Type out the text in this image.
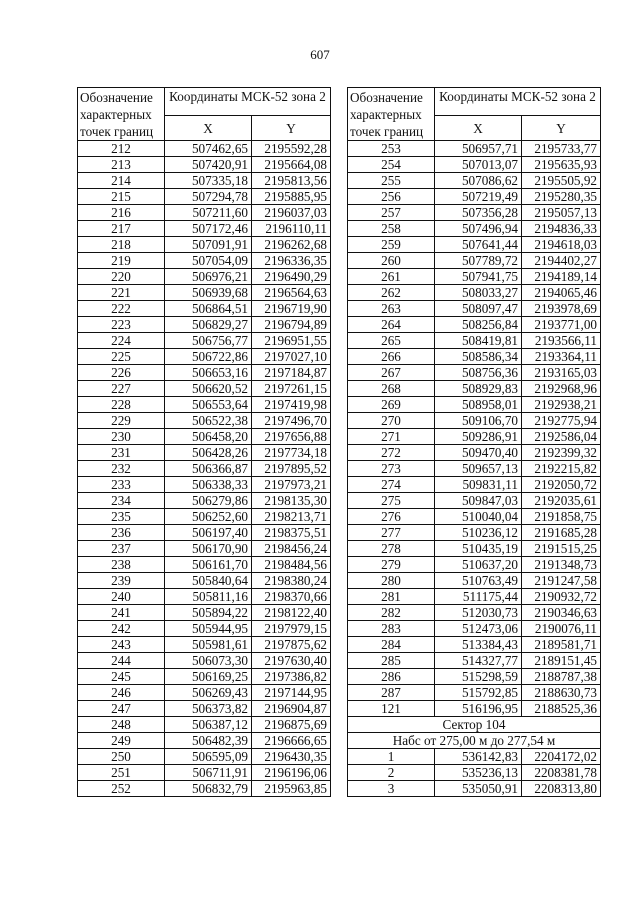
607
Обозначение характерных точек границ	Координаты МСК-52 зона 2	
	X	Y
212	507462,65	2195592,28
213	507420,91	2195664,08
214	507335,18	2195813,56
215	507294,78	2195885,95
216	507211,60	2196037,03
217	507172,46	2196110,11
218	507091,91	2196262,68
219	507054,09	2196336,35
220	506976,21	2196490,29
221	506939,68	2196564,63
222	506864,51	2196719,90
223	506829,27	2196794,89
224	506756,77	2196951,55
225	506722,86	2197027,10
226	506653,16	2197184,87
227	506620,52	2197261,15
228	506553,64	2197419,98
229	506522,38	2197496,70
230	506458,20	2197656,88
231	506428,26	2197734,18
232	506366,87	2197895,52
233	506338,33	2197973,21
234	506279,86	2198135,30
235	506252,60	2198213,71
236	506197,40	2198375,51
237	506170,90	2198456,24
238	506161,70	2198484,56
239	505840,64	2198380,24
240	505811,16	2198370,66
241	505894,22	2198122,40
242	505944,95	2197979,15
243	505981,61	2197875,62
244	506073,30	2197630,40
245	506169,25	2197386,82
246	506269,43	2197144,95
247	506373,82	2196904,87
248	506387,12	2196875,69
249	506482,39	2196666,65
250	506595,09	2196430,35
251	506711,91	2196196,06
252	506832,79	2195963,85
Обозначение характерных точек границ	Координаты МСК-52 зона 2	
	X	Y
253	506957,71	2195733,77
254	507013,07	2195635,93
255	507086,62	2195505,92
256	507219,49	2195280,35
257	507356,28	2195057,13
258	507496,94	2194836,33
259	507641,44	2194618,03
260	507789,72	2194402,27
261	507941,75	2194189,14
262	508033,27	2194065,46
263	508097,47	2193978,69
264	508256,84	2193771,00
265	508419,81	2193566,11
266	508586,34	2193364,11
267	508756,36	2193165,03
268	508929,83	2192968,96
269	508958,01	2192938,21
270	509106,70	2192775,94
271	509286,91	2192586,04
272	509470,40	2192399,32
273	509657,13	2192215,82
274	509831,11	2192050,72
275	509847,03	2192035,61
276	510040,04	2191858,75
277	510236,12	2191685,28
278	510435,19	2191515,25
279	510637,20	2191348,73
280	510763,49	2191247,58
281	511175,44	2190932,72
282	512030,73	2190346,63
283	512473,06	2190076,11
284	513384,43	2189581,71
285	514327,77	2189151,45
286	515298,59	2188787,38
287	515792,85	2188630,73
121	516196,95	2188525,36
Сектор 104		
Набс от 275,00 м до 277,54 м		
1	536142,83	2204172,02
2	535236,13	2208381,78
3	535050,91	2208313,80
